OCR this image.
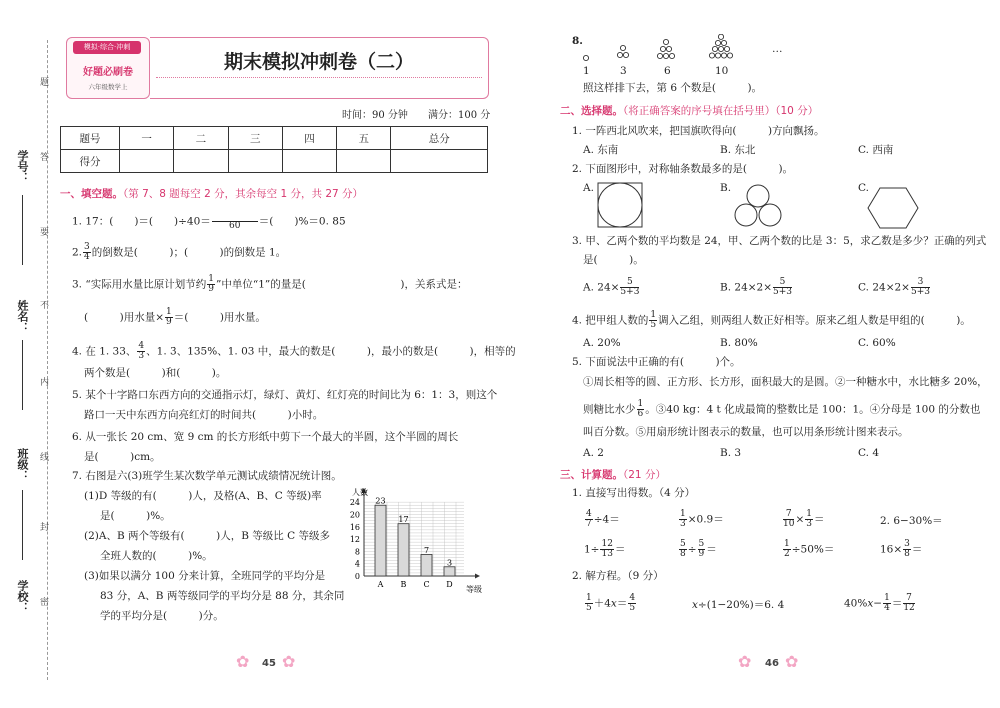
题
答
要
不
内
线
封
密
学号：
姓名：
班级：
学校：
模拟·综合·冲刺
好题必刷卷
六年级数学上
期末模拟冲刺卷（二）
时间：90 分钟 满分：100 分
题号	一	二	三	四	五	总分
得分						
一、填空题。（第 7、8 题每空 2 分，其余每空 1 分，共 27 分）
1. 17：(　　)＝(　　)÷40＝
	60	＝(　　)%＝0. 85
2. $\frac{3}{4}$ 的倒数是(　　　)；(　　　)的倒数是 1。
3. “实际用水量比原计划节约 $\frac{1}{9}$ ”中单位“1”的量是(　　　　　　　　　)，关系式是：
(　　　)用水量× $\frac{1}{9}$ ＝(　　　)用水量。
4. 在 1. 33、 $\frac{4}{3}$ 、1. 3̇、135%、1. 03 中，最大的数是(　　　)，最小的数是(　　　)，相等的
两个数是(　　　)和(　　　)。
5. 某个十字路口东西方向的交通指示灯，绿灯、黄灯、红灯亮的时间比为 6：1：3，则这个
路口一天中东西方向亮红灯的时间共(　　　)小时。
6. 从一张长 20 cm、宽 9 cm 的长方形纸中剪下一个最大的半圆，这个半圆的周长
是(　　　)cm。
7. 右图是六(3)班学生某次数学单元测试成绩情况统计图。
(1)D 等级的有(　　　)人，及格(A、B、C 等级)率
是(　　　)%。
(2)A、B 两个等级有(　　　)人，B 等级比 C 等级多
全班人数的(　　　)%。
(3)如果以满分 100 分来计算，全班同学的平均分是
83 分，A、B 两等级同学的平均分是 88 分，其余同
学的平均分是(　　　)分。
0
4
8
12
16
20
24
人数
等级
23
A
17
B
7
C
3
D
✿ 45 ✿
8.
1	3	6	10
…
照这样排下去，第 6 个数是(　　　)。
二、选择题。（将正确答案的序号填在括号里）（10 分）
1. 一阵西北风吹来，把国旗吹得向(　　　)方向飘扬。
A. 东南	B. 东北	C. 西南
2. 下面图形中，对称轴条数最多的是(　　　)。
A.	B.	C.
3. 甲、乙两个数的平均数是 24，甲、乙两个数的比是 3：5，求乙数是多少？正确的列式
是(　　　)。
A. $24\times \frac{5}{5+3}$	B. $24\times 2\times \frac{5}{5+3}$	C. $24\times 2\times \frac{3}{5+3}$
4. 把甲组人数的 $\frac{1}{5}$ 调入乙组，则两组人数正好相等。原来乙组人数是甲组的(　　　)。
A. 20%	B. 80%	C. 60%
5. 下面说法中正确的有(　　　)个。
①周长相等的圆、正方形、长方形，面积最大的是圆。②一种糖水中，水比糖多 20%，
则糖比水少 $\frac{1}{6}$ 。③40 kg：4 t 化成最简的整数比是 100：1。④分母是 100 的分数也
叫百分数。⑤用扇形统计图表示的数量，也可以用条形统计图来表示。
A. 2	B. 3	C. 4
三、计算题。（21 分）
1. 直接写出得数。（4 分）
$\frac{4}{7} \div 4=$	$\frac{1}{3} \times 0.9=$	$\frac{7}{10} \times \frac{1}{3}$ ＝	2. 6−30%＝
$1\div \frac{12}{13}$ ＝	$\frac{5}{8} \div \frac{5}{9}$ ＝	$\frac{1}{2} \div 50\%=$	$16\times \frac{3}{8}$ ＝
2. 解方程。（9 分）
$\frac{1}{5} +4x= \frac{4}{5}$	x÷(1−20%)＝6. 4	$40\%x- \frac{1}{4} = \frac{7}{12}$
✿ 46 ✿
